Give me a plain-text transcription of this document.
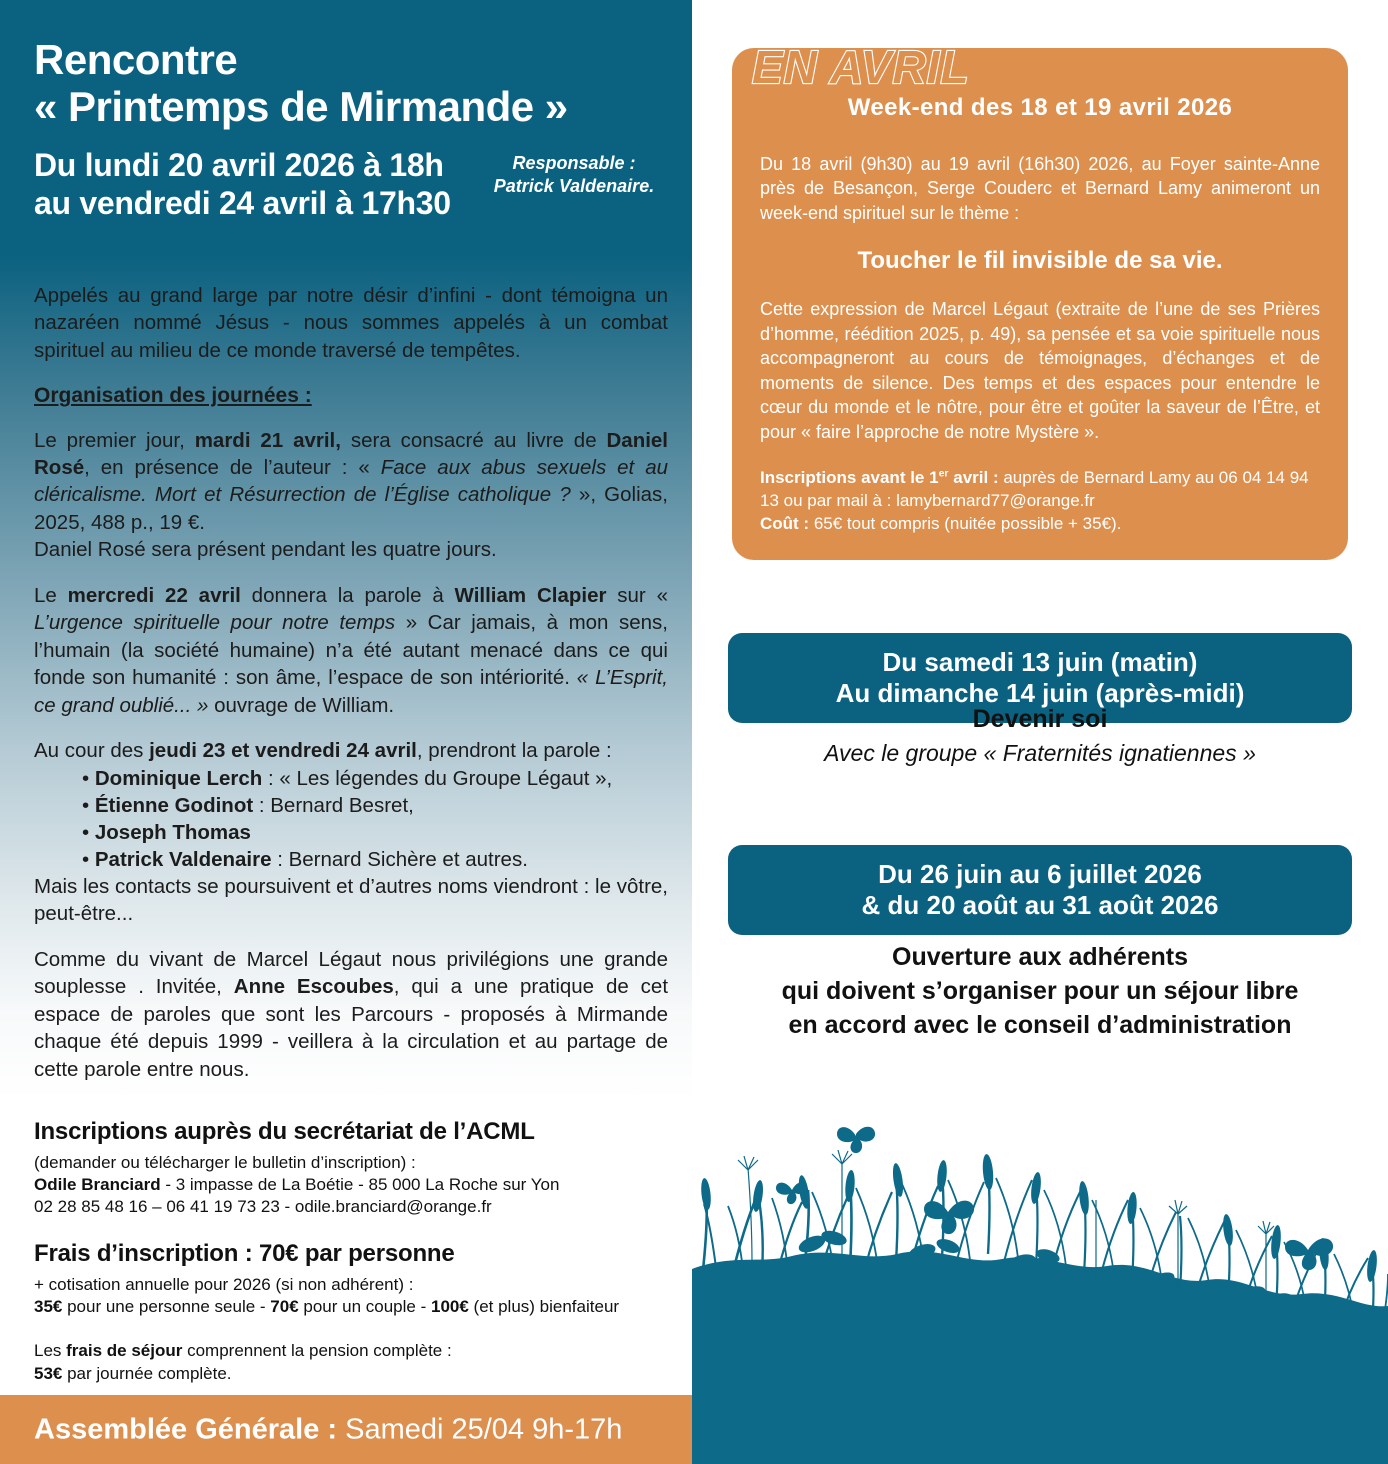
Rencontre
« Printemps de Mirmande »
Du lundi 20 avril 2026 à 18h
au vendredi 24 avril à 17h30
Responsable :
Patrick Valdenaire.

Appelés au grand large par notre désir d’infini - dont témoigna un nazaréen nommé Jésus - nous sommes appelés à un combat spirituel au milieu de ce monde traversé de tempêtes.

Organisation des journées :

Le premier jour, mardi 21 avril, sera consacré au livre de Daniel Rosé, en présence de l’auteur : « Face aux abus sexuels et au cléricalisme. Mort et Résurrection de l’Église catholique ? », Golias, 2025, 488 p., 19 €.
Daniel Rosé sera présent pendant les quatre jours.

Le mercredi 22 avril donnera la parole à William Clapier sur « L’urgence spirituelle pour notre temps » Car jamais, à mon sens, l’humain (la société humaine) n’a été autant menacé dans ce qui fonde son humanité : son âme, l’espace de son intériorité. « L’Esprit, ce grand oublié... » ouvrage de William.

Au cour des jeudi 23 et vendredi 24 avril, prendront la parole :

• Dominique Lerch : « Les légendes du Groupe Légaut »,
• Étienne Godinot : Bernard Besret,
• Joseph Thomas
• Patrick Valdenaire : Bernard Sichère et autres.

Mais les contacts se poursuivent et d’autres noms viendront : le vôtre, peut-être...

Comme du vivant de Marcel Légaut nous privilégions une grande souplesse . Invitée, Anne Escoubes, qui a une pratique de cet espace de paroles que sont les Parcours - proposés à Mirmande chaque été depuis 1999 - veillera à la circulation et au partage de cette parole entre nous.

Inscriptions auprès du secrétariat de l’ACML

(demander ou télécharger le bulletin d’inscription) :

Odile Branciard - 3 impasse de La Boétie - 85 000 La Roche sur Yon

02 28 85 48 16 – 06 41 19 73 23 - odile.branciard@orange.fr

Frais d’inscription : 70€ par personne

+ cotisation annuelle pour 2026 (si non adhérent) :

35€ pour une personne seule - 70€ pour un couple - 100€ (et plus) bienfaiteur

Les frais de séjour comprennent la pension complète :

53€ par journée complète.

Assemblée Générale : Samedi 25/04 9h-17h
Week-end des 18 et 19 avril 2026

Du 18 avril (9h30) au 19 avril (16h30) 2026, au Foyer sainte-Anne près de Besançon, Serge Couderc et Bernard Lamy animeront un week-end spirituel sur le thème :

Toucher le fil invisible de sa vie.

Cette expression de Marcel Légaut (extraite de l’une de ses Prières d’homme, réédition 2025, p. 49), sa pensée et sa voie spirituelle nous accompagneront au cours de témoignages, d’échanges et de moments de silence. Des temps et des espaces pour entendre le cœur du monde et le nôtre, pour être et goûter la saveur de l’Être, et pour « faire l’approche de notre Mystère ».

Inscriptions avant le 1er avril : auprès de Bernard Lamy au 06 04 14 94 13 ou par mail à : lamybernard77@orange.fr

Coût : 65€ tout compris (nuitée possible + 35€).

EN AVRIL
Du samedi 13 juin (matin)
Au dimanche 14 juin (après-midi)

Devenir soi

Avec le groupe « Fraternités ignatiennes »

Du 26 juin au 6 juillet 2026
& du 20 août au 31 août 2026

Ouverture aux adhérents

qui doivent s’organiser pour un séjour libre

en accord avec le conseil d’administration
